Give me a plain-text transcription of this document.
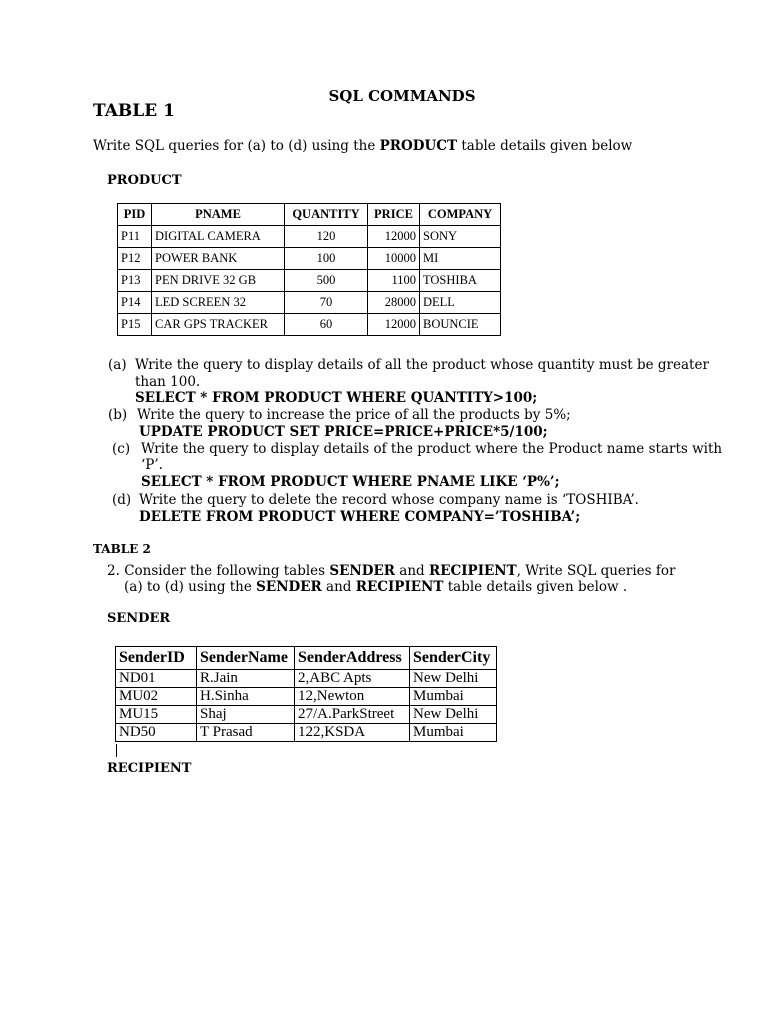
SQL COMMANDS
TABLE 1
Write SQL queries for (a) to (d) using the PRODUCT table details given below
PRODUCT
PID	PNAME	QUANTITY	PRICE	COMPANY
P11	DIGITAL CAMERA	120	12000	SONY
P12	POWER BANK	100	10000	MI
P13	PEN DRIVE 32 GB	500	1100	TOSHIBA
P14	LED SCREEN 32	70	28000	DELL
P15	CAR GPS TRACKER	60	12000	BOUNCIE
(a) Write the query to display details of all the product whose quantity must be greater
than 100.
SELECT * FROM PRODUCT WHERE QUANTITY>100;
(b) Write the query to increase the price of all the products by 5%;
UPDATE PRODUCT SET PRICE=PRICE+PRICE*5/100;
(c) Write the query to display details of the product where the Product name starts with
‘P’.
SELECT * FROM PRODUCT WHERE PNAME LIKE ‘P%’;
(d) Write the query to delete the record whose company name is ‘TOSHIBA’.
DELETE FROM PRODUCT WHERE COMPANY=’TOSHIBA’;
TABLE 2
2. Consider the following tables SENDER and RECIPIENT, Write SQL queries for
(a) to (d) using the SENDER and RECIPIENT table details given below .
SENDER
SenderID	SenderName	SenderAddress	SenderCity
ND01	R.Jain	2,ABC Apts	New Delhi
MU02	H.Sinha	12,Newton	Mumbai
MU15	Shaj	27/A.ParkStreet	New Delhi
ND50	T Prasad	122,KSDA	Mumbai
RECIPIENT
